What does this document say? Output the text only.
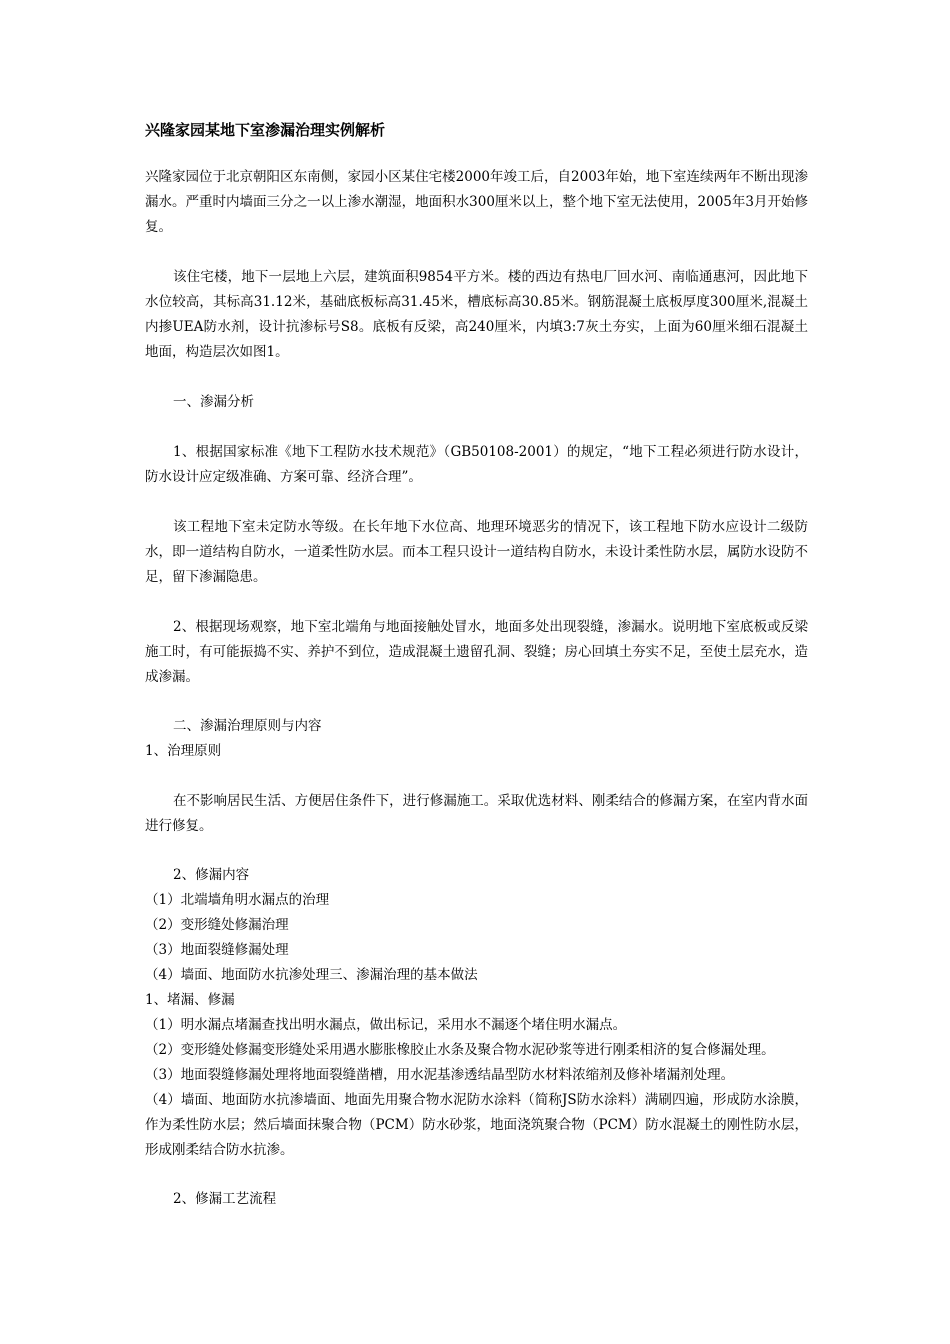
兴隆家园某地下室渗漏治理实例解析
兴隆家园位于北京朝阳区东南侧，家园小区某住宅楼2000年竣工后，自2003年始，地下室连续两年不断出现渗漏水。严重时内墙面三分之一以上渗水潮湿，地面积水300厘米以上，整个地下室无法使用，2005年3月开始修复。
该住宅楼，地下一层地上六层，建筑面积9854平方米。楼的西边有热电厂回水河、南临通惠河，因此地下水位较高，其标高31.12米，基础底板标高31.45米，槽底标高30.85米。钢筋混凝土底板厚度300厘米,混凝土内掺UEA防水剂，设计抗渗标号S8。底板有反梁，高240厘米，内填3:7灰土夯实，上面为60厘米细石混凝土地面，构造层次如图1。
一、渗漏分析
1、根据国家标准《地下工程防水技术规范》（GB50108-2001）的规定，“地下工程必须进行防水设计，防水设计应定级准确、方案可靠、经济合理”。
该工程地下室未定防水等级。在长年地下水位高、地理环境恶劣的情况下，该工程地下防水应设计二级防水，即一道结构自防水，一道柔性防水层。而本工程只设计一道结构自防水，未设计柔性防水层，属防水设防不足，留下渗漏隐患。
2、根据现场观察，地下室北端角与地面接触处冒水，地面多处出现裂缝，渗漏水。说明地下室底板或反梁施工时，有可能振捣不实、养护不到位，造成混凝土遗留孔洞、裂缝；房心回填土夯实不足，至使土层充水，造成渗漏。
二、渗漏治理原则与内容
1、治理原则
在不影响居民生活、方便居住条件下，进行修漏施工。采取优选材料、刚柔结合的修漏方案，在室内背水面进行修复。
2、修漏内容
（1）北端墙角明水漏点的治理
（2）变形缝处修漏治理
（3）地面裂缝修漏处理
（4）墙面、地面防水抗渗处理三、渗漏治理的基本做法
1、堵漏、修漏
（1）明水漏点堵漏查找出明水漏点，做出标记，采用水不漏逐个堵住明水漏点。
（2）变形缝处修漏变形缝处采用遇水膨胀橡胶止水条及聚合物水泥砂浆等进行刚柔相济的复合修漏处理。
（3）地面裂缝修漏处理将地面裂缝凿槽，用水泥基渗透结晶型防水材料浓缩剂及修补堵漏剂处理。
（4）墙面、地面防水抗渗墙面、地面先用聚合物水泥防水涂料（简称JS防水涂料）满刷四遍，形成防水涂膜，作为柔性防水层；然后墙面抹聚合物（PCM）防水砂浆，地面浇筑聚合物（PCM）防水混凝土的刚性防水层，形成刚柔结合防水抗渗。
2、修漏工艺流程
